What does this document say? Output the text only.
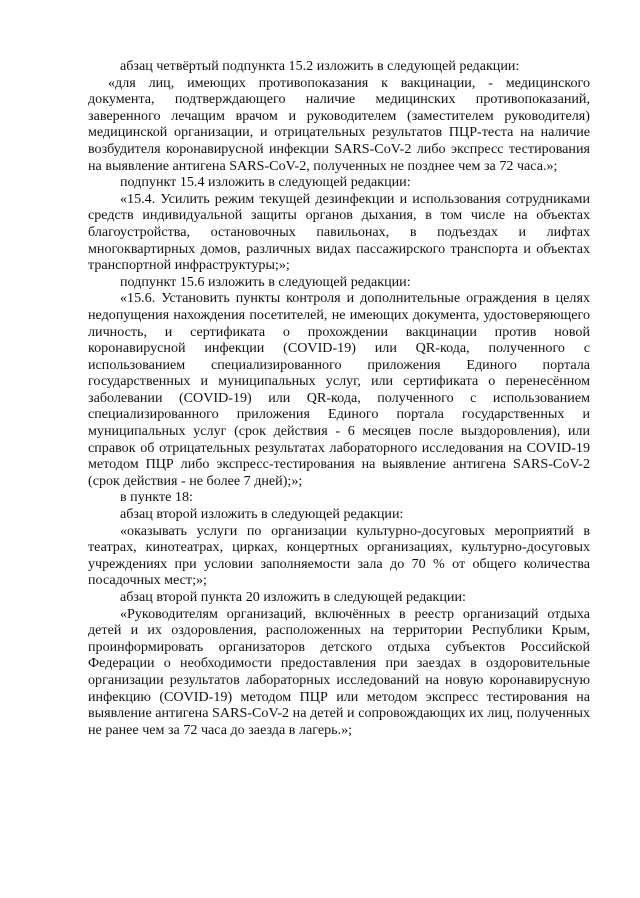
абзац четвёртый подпункта 15.2 изложить в следующей редакции:

«для лиц, имеющих противопоказания к вакцинации, - медицинского документа, подтверждающего наличие медицинских противопоказаний, заверенного лечащим врачом и руководителем (заместителем руководителя) медицинской организации, и отрицательных результатов ПЦР-теста на наличие возбудителя коронавирусной инфекции SARS-CoV-2 либо экспресс тестирования на выявление антигена SARS-CoV-2, полученных не позднее чем за 72 часа.»;

подпункт 15.4 изложить в следующей редакции:

«15.4. Усилить режим текущей дезинфекции и использования сотрудниками средств индивидуальной защиты органов дыхания, в том числе на объектах благоустройства, остановочных павильонах, в подъездах и лифтах многоквартирных домов, различных видах пассажирского транспорта и объектах транспортной инфраструктуры;»;

подпункт 15.6 изложить в следующей редакции:

«15.6. Установить пункты контроля и дополнительные ограждения в целях недопущения нахождения посетителей, не имеющих документа, удостоверяющего личность, и сертификата о прохождении вакцинации против новой коронавирусной инфекции (COVID-19) или QR-кода, полученного с использованием специализированного приложения Единого портала государственных и муниципальных услуг, или сертификата о перенесённом заболевании (COVID-19) или QR-кода, полученного с использованием специализированного приложения Единого портала государственных и муниципальных услуг (срок действия - 6 месяцев после выздоровления), или справок об отрицательных результатах лабораторного исследования на COVID-19 методом ПЦР либо экспресс-тестирования на выявление антигена SARS-CoV-2 (срок действия - не более 7 дней);»;

в пункте 18:

абзац второй изложить в следующей редакции:

«оказывать услуги по организации культурно-досуговых мероприятий в театрах, кинотеатрах, цирках, концертных организациях, культурно-досуговых учреждениях при условии заполняемости зала до 70 % от общего количества посадочных мест;»;

абзац второй пункта 20 изложить в следующей редакции:

«Руководителям организаций, включённых в реестр организаций отдыха детей и их оздоровления, расположенных на территории Республики Крым, проинформировать организаторов детского отдыха субъектов Российской Федерации о необходимости предоставления при заездах в оздоровительные организации результатов лабораторных исследований на новую коронавирусную инфекцию (COVID-19) методом ПЦР или методом экспресс тестирования на выявление антигена SARS-CoV-2 на детей и сопровождающих их лиц, полученных не ранее чем за 72 часа до заезда в лагерь.»;
